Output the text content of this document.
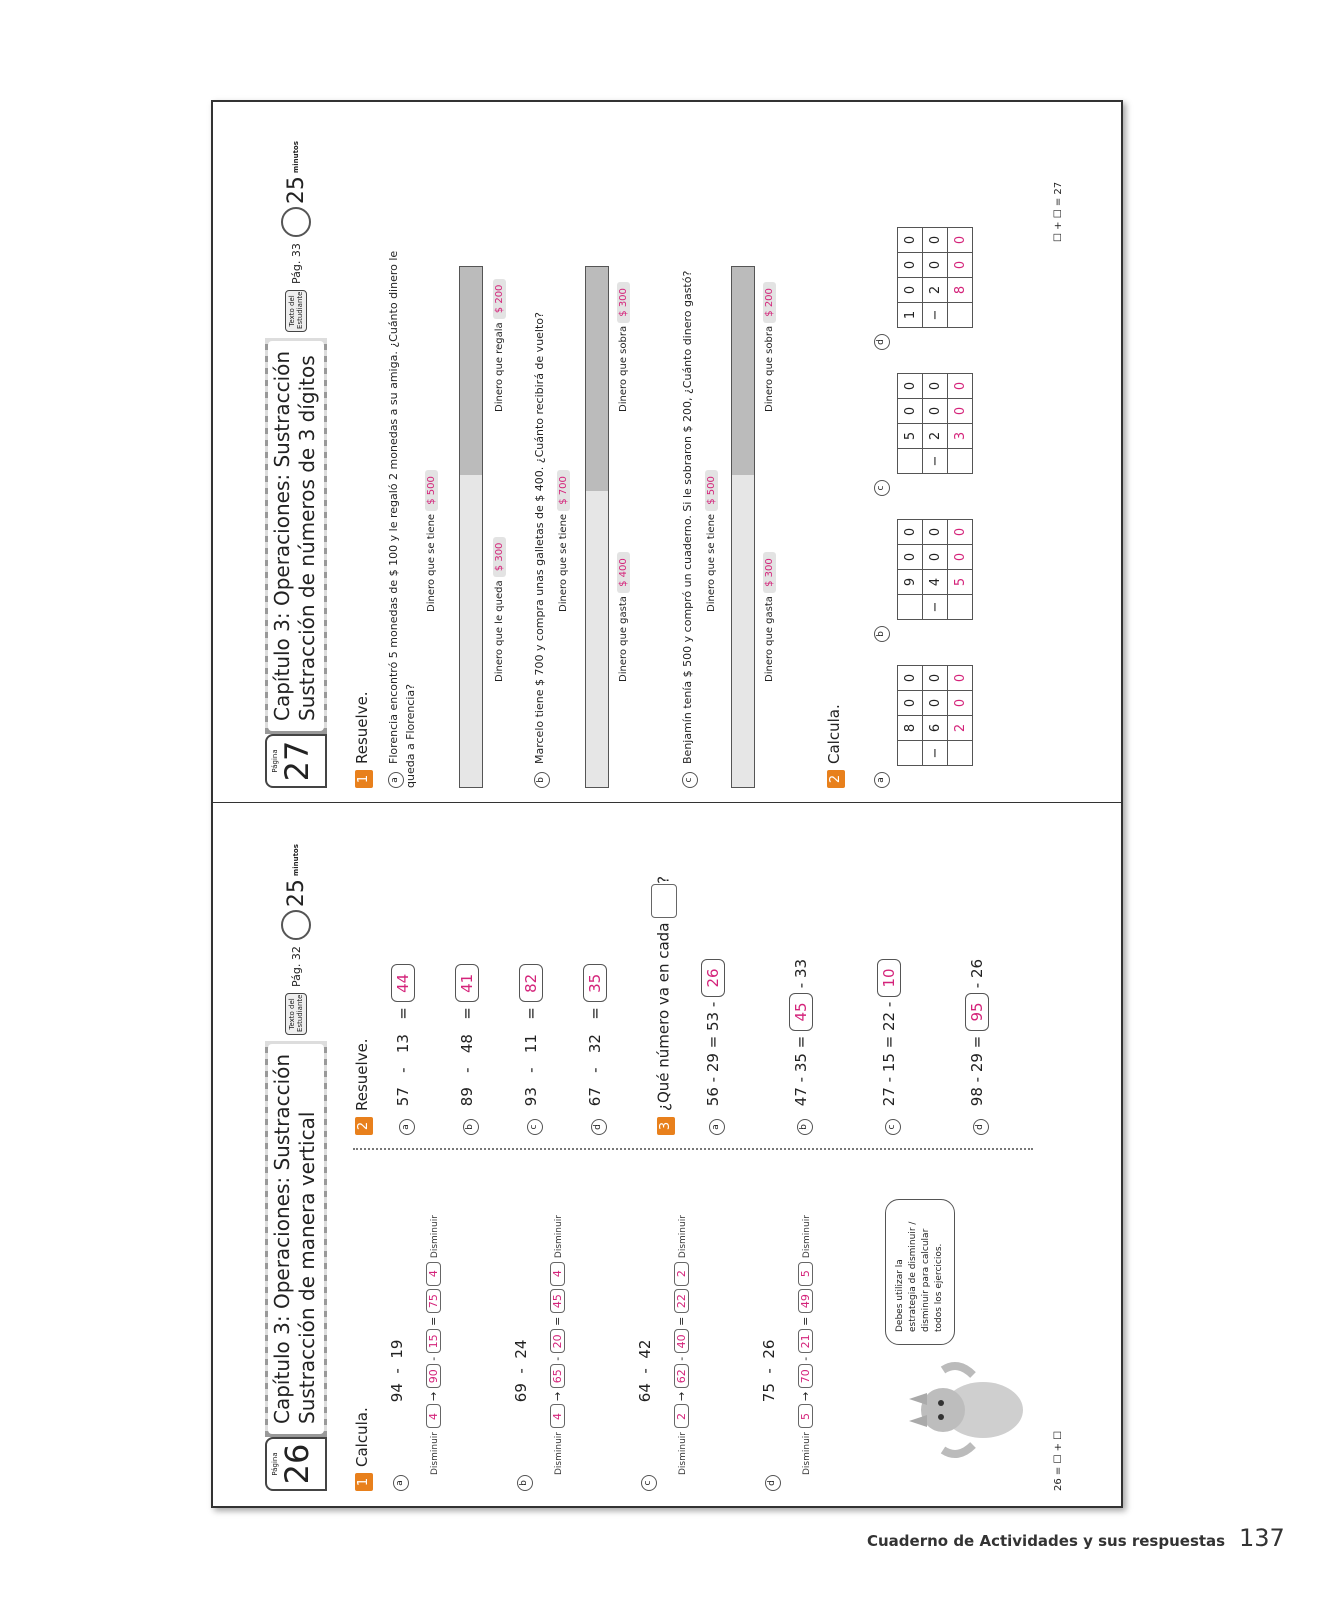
Página 27
Capítulo 3: Operaciones: Sustracción Sustracción de números de 3 dígitos
Texto del Estudiante
Pág. 33
25
minutos
1Resuelve.
aFlorencia encontró 5 monedas de $ 100 y le regaló 2 monedas a su amiga. ¿Cuánto dinero le queda a Florencia?
Dinero que se tiene $ 500
Dinero que le queda $ 300
Dinero que regala $ 200
bMarcelo tiene $ 700 y compra unas galletas de $ 400. ¿Cuánto recibirá de vuelto?	Dinero que se tiene $ 700
Dinero que gasta $ 400
Dinero que sobra $ 300
cBenjamín tenía $ 500 y compró un cuaderno. Si le sobraron $ 200, ¿Cuánto dinero gastó?	Dinero que se tiene $ 500
Dinero que gasta $ 300
Dinero que sobra $ 200
2Calcula.
a
	8	0	0
−	6	0	0
	2	0	0
b
	9	0	0
−	4	0	0
	5	0	0
c
	5	0	0
−	2	0	0
	3	0	0
d
1	0	0	0
−	2	0	0
	8	0	0	☐ + ☐ = 27
Página 26
Capítulo 3: Operaciones: Sustracción Sustracción de manera vertical
Texto del Estudiante
Pág. 32
25
minutos
1Calcula.
a 94  -  19
Disminuir 4 → 90 - 15 = 75 4 Disminuir
b 69  -  24
Disminuir 4 → 65 - 20 = 45 4 Disminuir
c 64  -  42
Disminuir 2 → 62 - 40 = 22 2 Disminuir
d 75  -  26
Disminuir 5 → 70 - 21 = 49 5 Disminuir
Debes utilizar la estrategia de disminuir / disminuir para calcular todos los ejercicios.
2Resuelve.
a 57   -   13   = 44
b 89   -   48   = 41
c 93   -   11   = 82
d 67   -   32   = 35
3¿Qué número va en cada ?
a 56 - 29 = 53 - 26
b 47 - 35 = 45 - 33
c 27 - 15 = 22 - 10
d 98 - 29 = 95 - 26
26 = ☐ + ☐
Cuaderno de Actividades y sus respuestas 137
